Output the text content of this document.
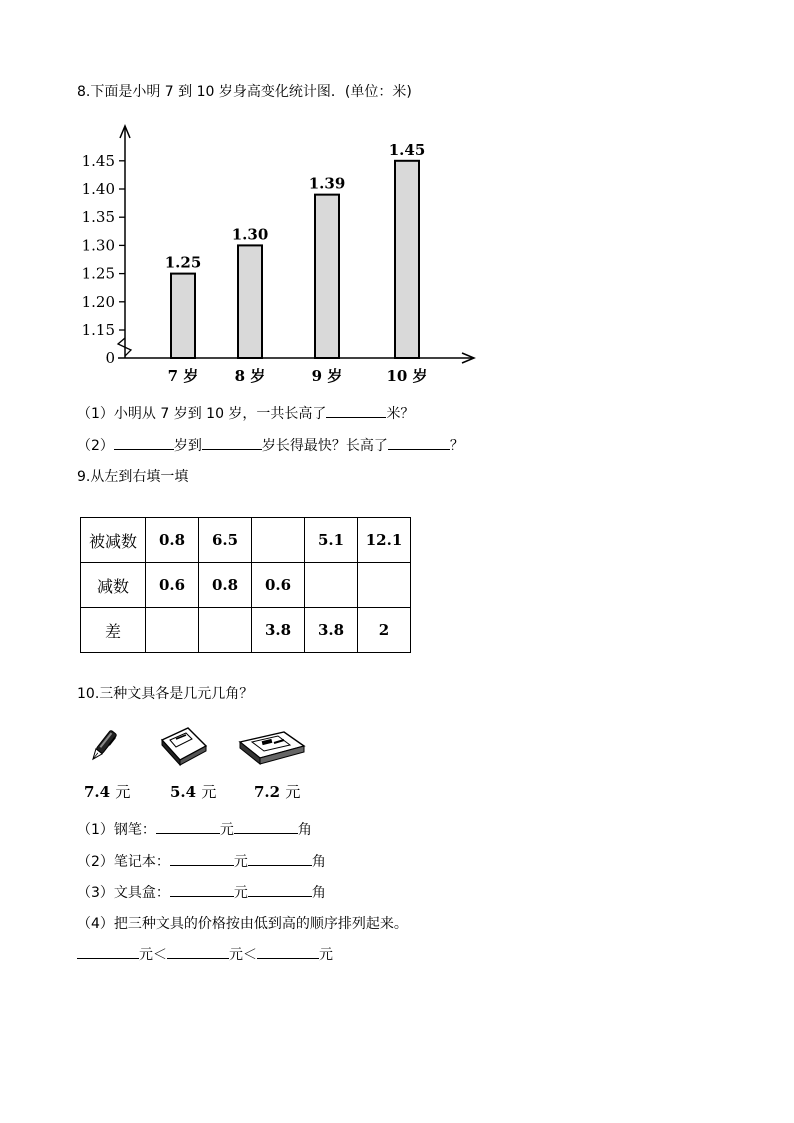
8.下面是小明 7 到 10 岁身高变化统计图．(单位：米)
1.15
1.20
1.25
1.30
1.35
1.40
1.45
0
1.25
7 岁
1.30
8 岁
1.39
9 岁
1.45
10 岁
（1）小明从 7 岁到 10 岁，一共长高了	米？
（2）	岁到	岁长得最快？长高了	？
9.从左到右填一填
被减数	0.8	6.5		5.1	12.1
减数	0.6	0.8	0.6		
差			3.8	3.8	2
10.三种文具各是几元几角？
7.4 元	5.4 元	7.2 元
（1）钢笔：	元	角
（2）笔记本：	元	角
（3）文具盒：	元	角
（4）把三种文具的价格按由低到高的顺序排列起来。
元＜	元＜	元
